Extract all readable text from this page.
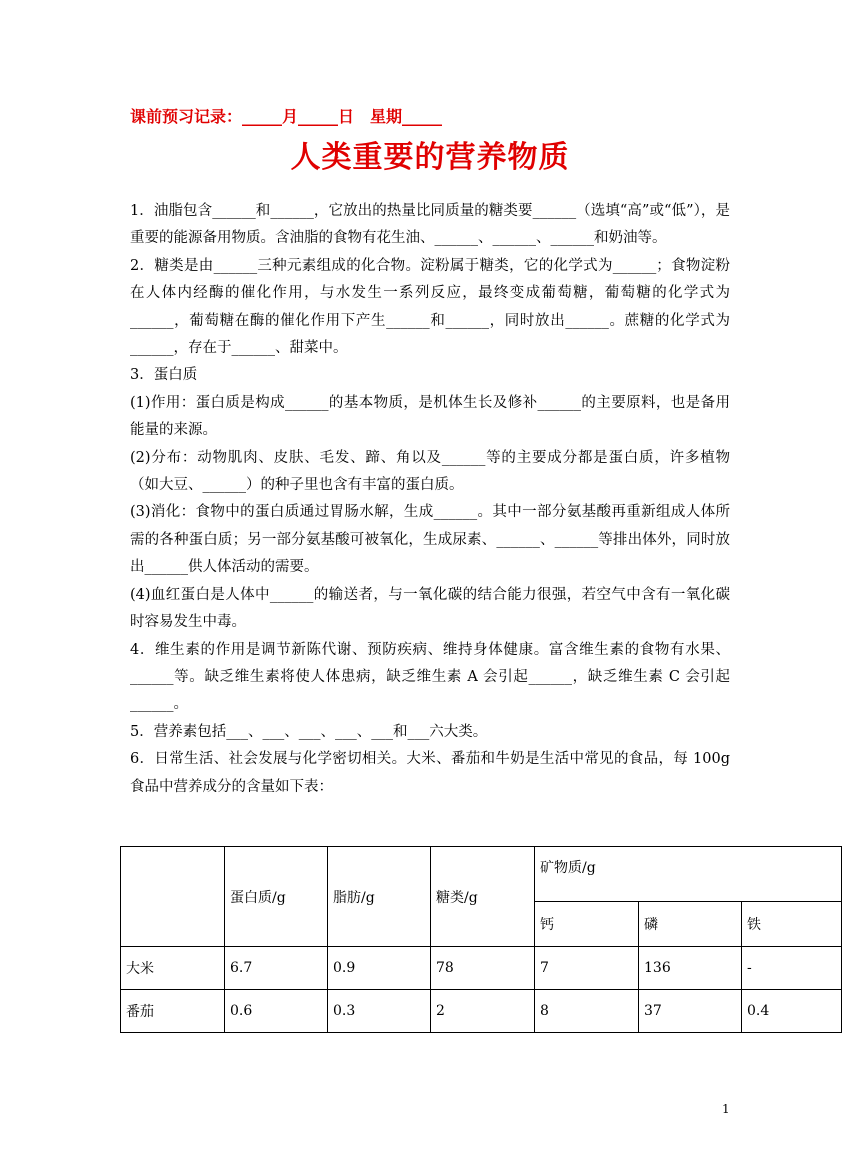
课前预习记录：_____月_____日　星期_____
人类重要的营养物质

1．油脂包含______和______，它放出的热量比同质量的糖类要______（选填“高”或“低”），是重要的能源备用物质。含油脂的食物有花生油、______、______、______和奶油等。

2．糖类是由______三种元素组成的化合物。淀粉属于糖类，它的化学式为______；食物淀粉在人体内经酶的催化作用，与水发生一系列反应，最终变成葡萄糖，葡萄糖的化学式为______，葡萄糖在酶的催化作用下产生______和______，同时放出______。蔗糖的化学式为______，存在于______、甜菜中。

3．蛋白质

(1)作用：蛋白质是构成______的基本物质，是机体生长及修补______的主要原料，也是备用能量的来源。

(2)分布：动物肌肉、皮肤、毛发、蹄、角以及______等的主要成分都是蛋白质，许多植物（如大豆、______）的种子里也含有丰富的蛋白质。

(3)消化：食物中的蛋白质通过胃肠水解，生成______。其中一部分氨基酸再重新组成人体所需的各种蛋白质；另一部分氨基酸可被氧化，生成尿素、______、______等排出体外，同时放出______供人体活动的需要。

(4)血红蛋白是人体中______的输送者，与一氧化碳的结合能力很强，若空气中含有一氧化碳时容易发生中毒。

4．维生素的作用是调节新陈代谢、预防疾病、维持身体健康。富含维生素的食物有水果、______等。缺乏维生素将使人体患病，缺乏维生素 A 会引起______，缺乏维生素 C 会引起______。

5．营养素包括___、___、___、___、___和___六大类。

6．日常生活、社会发展与化学密切相关。大米、番茄和牛奶是生活中常见的食品，每 100g 食品中营养成分的含量如下表：

	蛋白质/g	脂肪/g	糖类/g	矿物质/g		
				钙	磷	铁
大米	6.7	0.9	78	7	136	-
番茄	0.6	0.3	2	8	37	0.4
1
